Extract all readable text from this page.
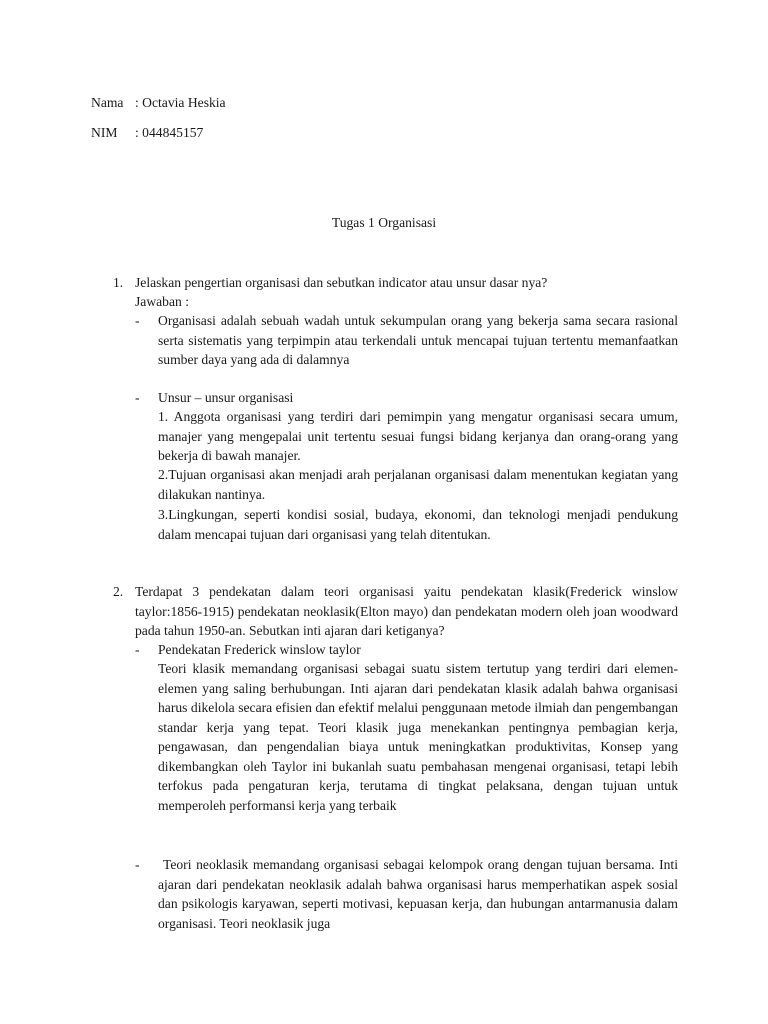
Nama : Octavia Heskia
NIM : 044845157
Tugas 1 Organisasi
1. Jelaskan pengertian organisasi dan sebutkan indicator atau unsur dasar nya?
Jawaban :
- Organisasi adalah sebuah wadah untuk sekumpulan orang yang bekerja sama secara rasional serta sistematis yang terpimpin atau terkendali untuk mencapai tujuan tertentu memanfaatkan sumber daya yang ada di dalamnya
- Unsur – unsur organisasi
1. Anggota organisasi yang terdiri dari pemimpin yang mengatur organisasi secara umum, manajer yang mengepalai unit tertentu sesuai fungsi bidang kerjanya dan orang-orang yang bekerja di bawah manajer.
2.Tujuan organisasi akan menjadi arah perjalanan organisasi dalam menentukan kegiatan yang dilakukan nantinya.
3.Lingkungan, seperti kondisi sosial, budaya, ekonomi, dan teknologi menjadi pendukung dalam mencapai tujuan dari organisasi yang telah ditentukan.
2. Terdapat 3 pendekatan dalam teori organisasi yaitu pendekatan klasik(Frederick winslow taylor:1856-1915) pendekatan neoklasik(Elton mayo) dan pendekatan modern oleh joan woodward pada tahun 1950-an. Sebutkan inti ajaran dari ketiganya?
- Pendekatan Frederick winslow taylor
Teori klasik memandang organisasi sebagai suatu sistem tertutup yang terdiri dari elemen-elemen yang saling berhubungan. Inti ajaran dari pendekatan klasik adalah bahwa organisasi harus dikelola secara efisien dan efektif melalui penggunaan metode ilmiah dan pengembangan standar kerja yang tepat. Teori klasik juga menekankan pentingnya pembagian kerja, pengawasan, dan pengendalian biaya untuk meningkatkan produktivitas, Konsep yang dikembangkan oleh Taylor ini bukanlah suatu pembahasan mengenai organisasi, tetapi lebih terfokus pada pengaturan kerja, terutama di tingkat pelaksana, dengan tujuan untuk memperoleh performansi kerja yang terbaik
-	Teori neoklasik memandang organisasi sebagai kelompok orang dengan tujuan bersama. Inti ajaran dari pendekatan neoklasik adalah bahwa organisasi harus memperhatikan aspek sosial dan psikologis karyawan, seperti motivasi, kepuasan kerja, dan hubungan antarmanusia dalam organisasi. Teori neoklasik juga
